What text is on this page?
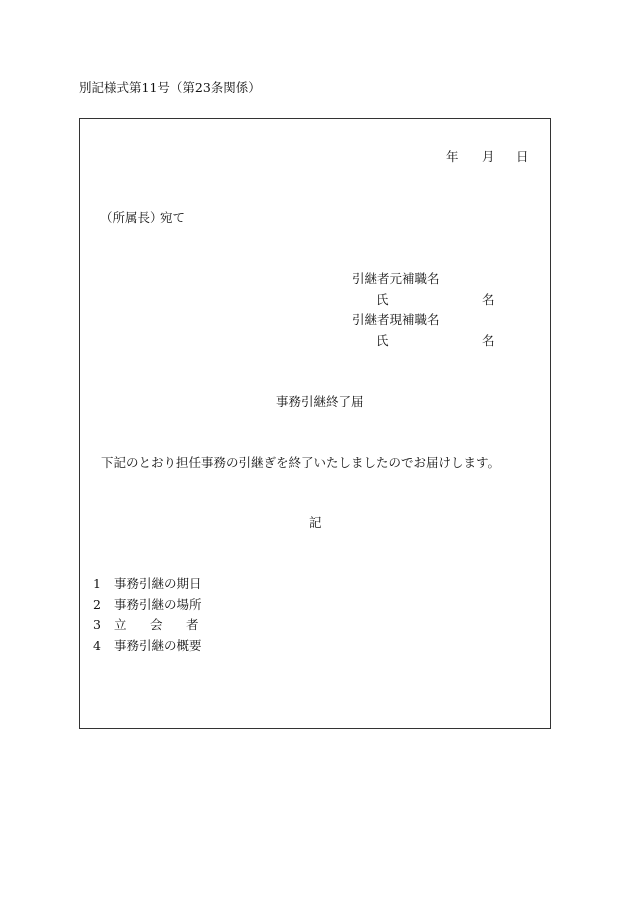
別記様式第11号（第23条関係）
年 月 日
（所属長）
宛て
引継者元補職名
氏	名
引継者現補職名
氏	名
事務引継終了届
下記のとおり担任事務の引継ぎを終了いたしましたのでお届けします。
記
1 事務引継の期日
2 事務引継の場所
3 立 会 者
4 事務引継の概要
